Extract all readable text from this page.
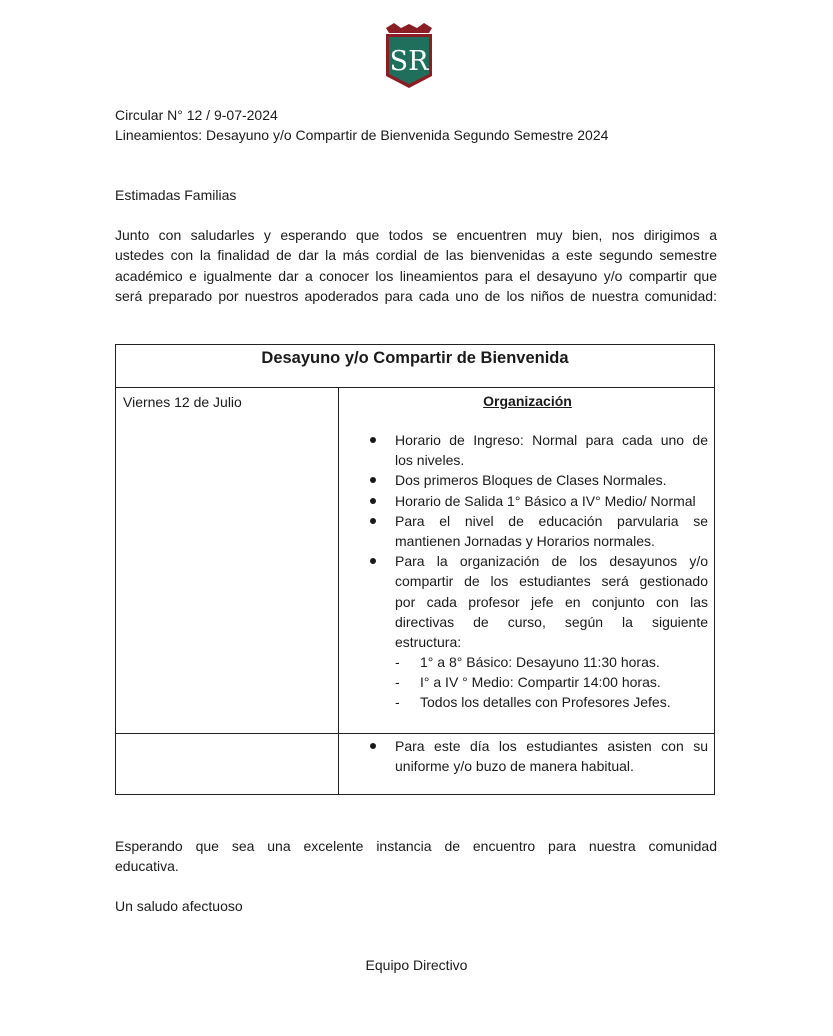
SR
Circular N° 12 / 9-07-2024
Lineamientos: Desayuno y/o Compartir de Bienvenida Segundo Semestre 2024
Estimadas Familias
Junto con saludarles y esperando que todos se encuentren muy bien, nos dirigimos a
ustedes con la finalidad de dar la más cordial de las bienvenidas a este segundo semestre
académico e igualmente dar a conocer los lineamientos para el desayuno y/o compartir que
será preparado por nuestros apoderados para cada uno de los niños de nuestra comunidad:
Desayuno y/o Compartir de Bienvenida
Viernes 12 de Julio	Organización
Horario de Ingreso: Normal para cada uno de
los niveles.
Dos primeros Bloques de Clases Normales.
Horario de Salida 1° Básico a IV° Medio/ Normal
Para el nivel de educación parvularia se
mantienen Jornadas y Horarios normales.
Para la organización de los desayunos y/o
compartir de los estudiantes será gestionado
por cada profesor jefe en conjunto con las
directivas de curso, según la siguiente
estructura:
- 1° a 8° Básico: Desayuno 11:30 horas.
- I° a IV ° Medio: Compartir 14:00 horas.
- Todos los detalles con Profesores Jefes.
Para este día los estudiantes asisten con su
uniforme y/o buzo de manera habitual.
Esperando que sea una excelente instancia de encuentro para nuestra comunidad
educativa.
Un saludo afectuoso
Equipo Directivo
